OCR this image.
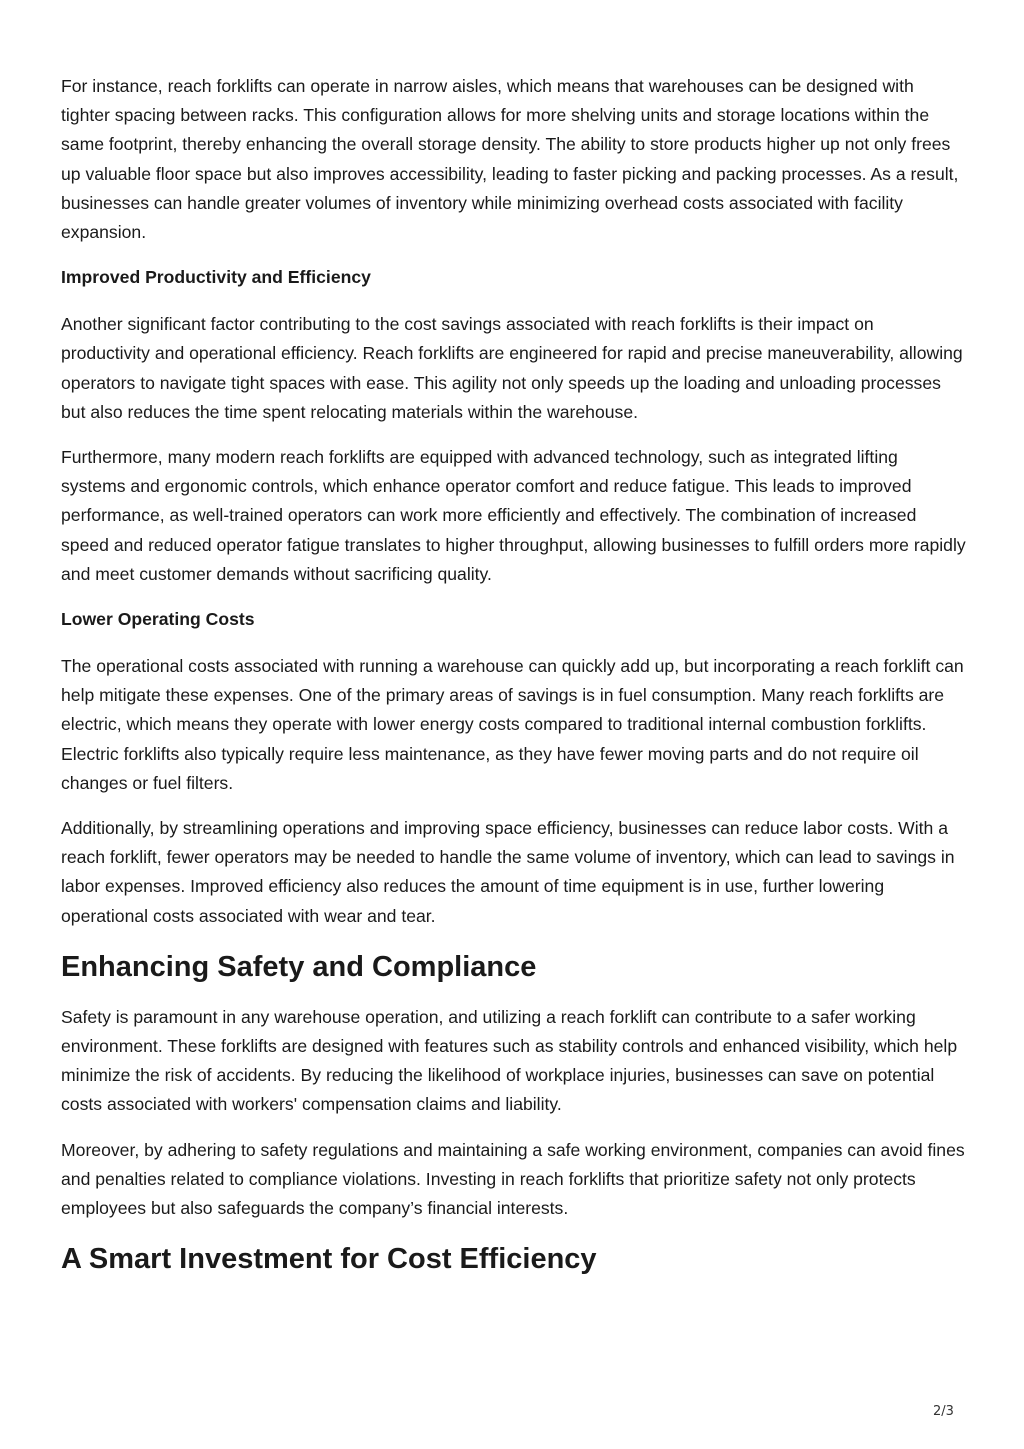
For instance, reach forklifts can operate in narrow aisles, which means that warehouses can be designed with tighter spacing between racks. This configuration allows for more shelving units and storage locations within the same footprint, thereby enhancing the overall storage density. The ability to store products higher up not only frees up valuable floor space but also improves accessibility, leading to faster picking and packing processes. As a result, businesses can handle greater volumes of inventory while minimizing overhead costs associated with facility expansion.

Improved Productivity and Efficiency

Another significant factor contributing to the cost savings associated with reach forklifts is their impact on productivity and operational efficiency. Reach forklifts are engineered for rapid and precise maneuverability, allowing operators to navigate tight spaces with ease. This agility not only speeds up the loading and unloading processes but also reduces the time spent relocating materials within the warehouse.

Furthermore, many modern reach forklifts are equipped with advanced technology, such as integrated lifting systems and ergonomic controls, which enhance operator comfort and reduce fatigue. This leads to improved performance, as well-trained operators can work more efficiently and effectively. The combination of increased speed and reduced operator fatigue translates to higher throughput, allowing businesses to fulfill orders more rapidly and meet customer demands without sacrificing quality.

Lower Operating Costs

The operational costs associated with running a warehouse can quickly add up, but incorporating a reach forklift can help mitigate these expenses. One of the primary areas of savings is in fuel consumption. Many reach forklifts are electric, which means they operate with lower energy costs compared to traditional internal combustion forklifts. Electric forklifts also typically require less maintenance, as they have fewer moving parts and do not require oil changes or fuel filters.

Additionally, by streamlining operations and improving space efficiency, businesses can reduce labor costs. With a reach forklift, fewer operators may be needed to handle the same volume of inventory, which can lead to savings in labor expenses. Improved efficiency also reduces the amount of time equipment is in use, further lowering operational costs associated with wear and tear.

Enhancing Safety and Compliance

Safety is paramount in any warehouse operation, and utilizing a reach forklift can contribute to a safer working environment. These forklifts are designed with features such as stability controls and enhanced visibility, which help minimize the risk of accidents. By reducing the likelihood of workplace injuries, businesses can save on potential costs associated with workers' compensation claims and liability.

Moreover, by adhering to safety regulations and maintaining a safe working environment, companies can avoid fines and penalties related to compliance violations. Investing in reach forklifts that prioritize safety not only protects employees but also safeguards the company’s financial interests.

A Smart Investment for Cost Efficiency
2/3
